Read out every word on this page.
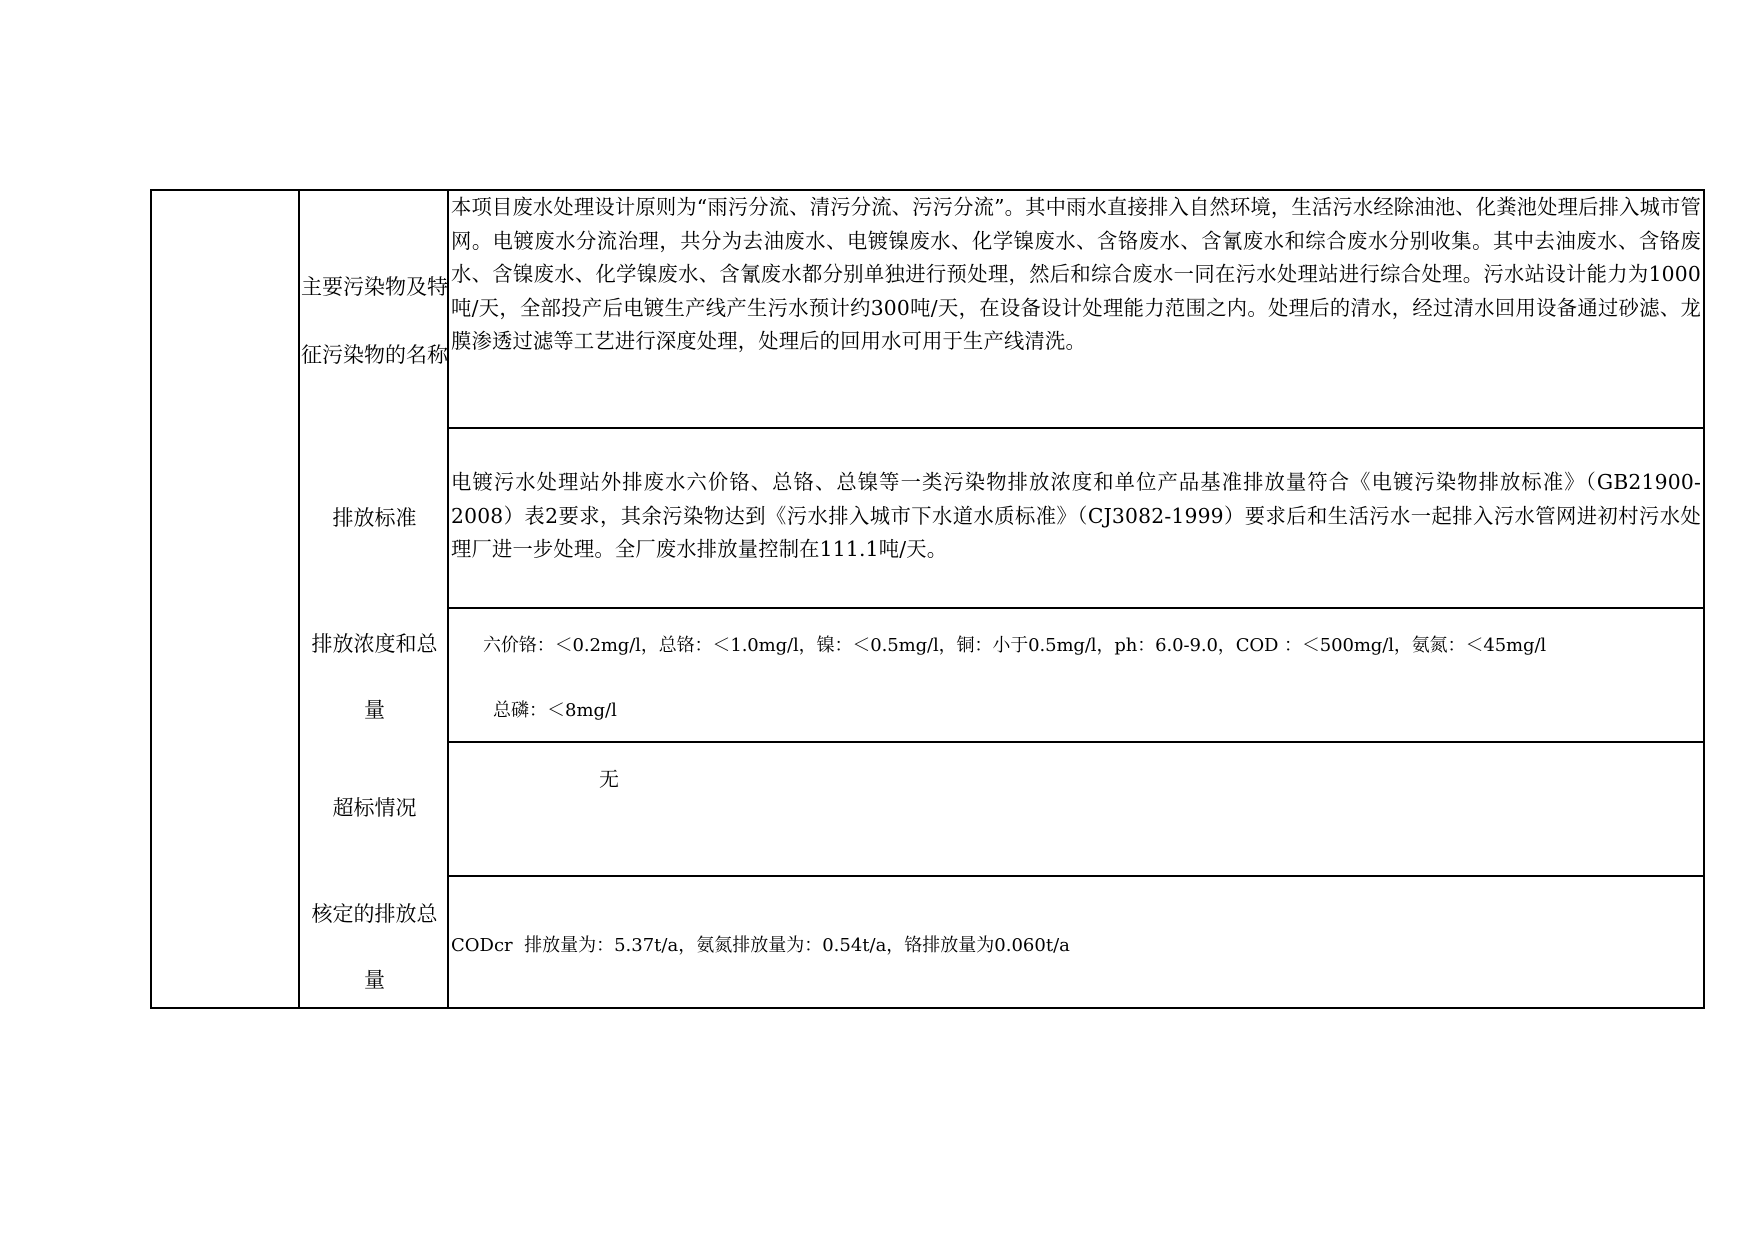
主要污染物及特
征污染物的名称
本项目废水处理设计原则为“雨污分流、清污分流、污污分流”。其中雨水直接排入自然环境，生活污水经除油池、化粪池处理后排入城市管网。电镀废水分流治理，共分为去油废水、电镀镍废水、化学镍废水、含铬废水、含氰废水和综合废水分别收集。其中去油废水、含铬废水、含镍废水、化学镍废水、含氰废水都分别单独进行预处理，然后和综合废水一同在污水处理站进行综合处理。污水站设计能力为1000吨/天，全部投产后电镀生产线产生污水预计约300吨/天，在设备设计处理能力范围之内。处理后的清水，经过清水回用设备通过砂滤、龙膜渗透过滤等工艺进行深度处理，处理后的回用水可用于生产线清洗。
排放标准
电镀污水处理站外排废水六价铬、总铬、总镍等一类污染物排放浓度和单位产品基准排放量符合《电镀污染物排放标准》（GB21900-2008）表2要求，其余污染物达到《污水排入城市下水道水质标准》（CJ3082-1999）要求后和生活污水一起排入污水管网进初村污水处理厂进一步处理。全厂废水排放量控制在111.1吨/天。
排放浓度和总
量
六价铬：＜0.2mg/l，总铬：＜1.0mg/l，镍：＜0.5mg/l，铜：小于0.5mg/l，ph：6.0-9.0，COD ：＜500mg/l，氨氮：＜45mg/l
总磷：＜8mg/l
超标情况
无
核定的排放总
量
CODcr  排放量为：5.37t/a，氨氮排放量为：0.54t/a，铬排放量为0.060t/a
